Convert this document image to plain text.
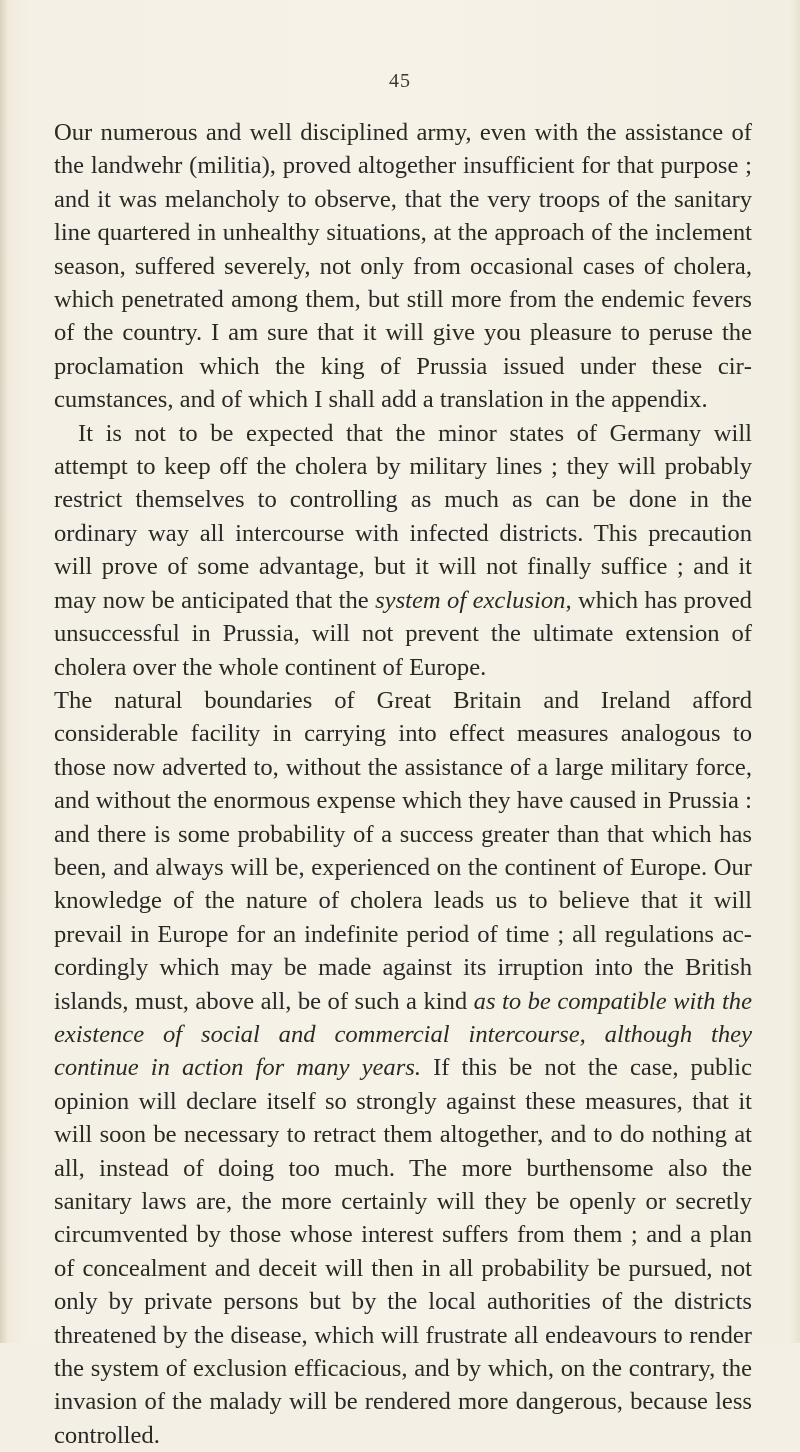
45

Our numerous and well disciplined army, even with the assistance of the landwehr (militia), proved altogether insufficient for that purpose ; and it was melancholy to observe, that the very troops of the sanitary line quartered in unhealthy situations, at the approach of the inclement season, suffered severely, not only from occasional cases of cholera, which penetrated among them, but still more from the endemic fevers of the country. I am sure that it will give you pleasure to peruse the proclamation which the king of Prussia issued under these circumstances, and of which I shall add a translation in the appendix.

It is not to be expected that the minor states of Germany will attempt to keep off the cholera by military lines ; they will probably restrict themselves to controlling as much as can be done in the ordinary way all intercourse with infected districts. This precaution will prove of some advantage, but it will not finally suffice ; and it may now be anticipated that the system of exclusion, which has proved unsuccessful in Prussia, will not prevent the ultimate extension of cholera over the whole continent of Europe.

The natural boundaries of Great Britain and Ireland afford considerable facility in carrying into effect measures analogous to those now adverted to, without the assistance of a large military force, and without the enormous expense which they have caused in Prussia : and there is some probability of a success greater than that which has been, and always will be, experienced on the continent of Europe. Our knowledge of the nature of cholera leads us to believe that it will prevail in Europe for an indefinite period of time ; all regulations accordingly which may be made against its irruption into the British islands, must, above all, be of such a kind as to be compatible with the existence of social and commercial intercourse, although they continue in action for many years. If this be not the case, public opinion will declare itself so strongly against these measures, that it will soon be necessary to retract them altogether, and to do nothing at all, instead of doing too much. The more burthensome also the sanitary laws are, the more certainly will they be openly or secretly circumvented by those whose interest suffers from them ; and a plan of concealment and deceit will then in all probability be pursued, not only by private persons but by the local authorities of the districts threatened by the disease, which will frustrate all endeavours to render the system of exclusion efficacious, and by which, on the contrary, the invasion of the malady will be rendered more dangerous, because less controlled.
